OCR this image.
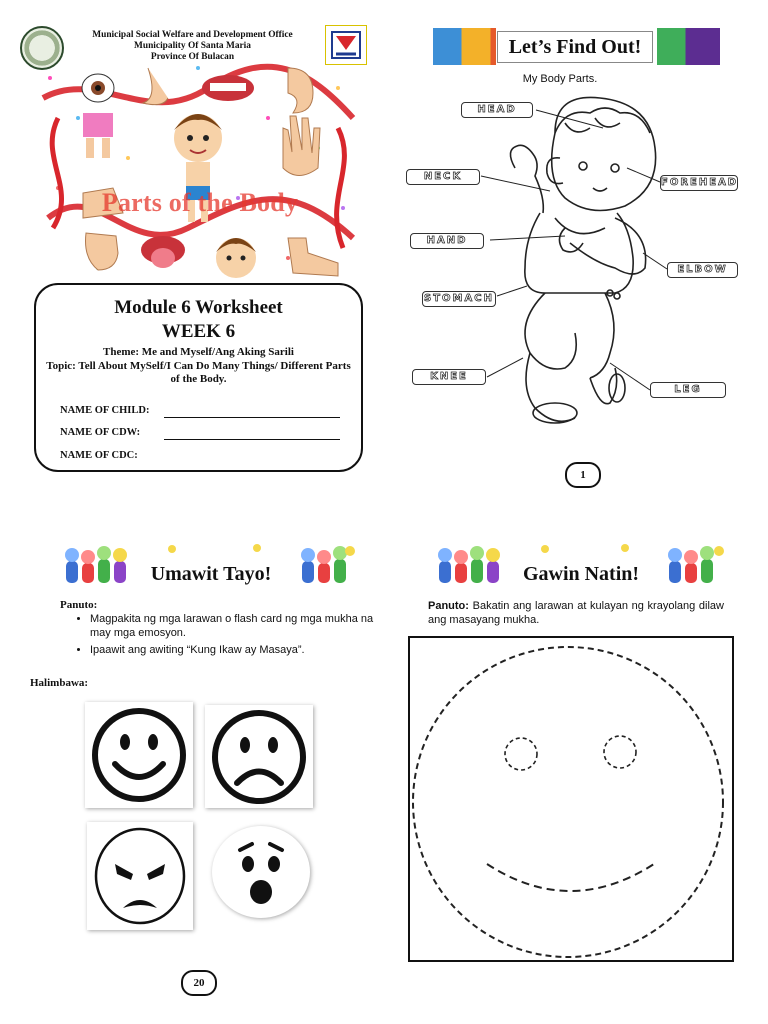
Municipal Social Welfare and Development Office
Municipality Of Santa Maria
Province Of Bulacan
Parts of the Body
Module 6 Worksheet
WEEK 6
Theme: Me and Myself/Ang Aking Sarili
Topic: Tell About MySelf/I Can Do Many Things/ Different Parts of the Body.
NAME OF CHILD:
NAME OF CDW:
NAME OF CDC:
Let’s Find Out!
My Body Parts.
HEAD
NECK
HAND
STOMACH
KNEE
FOREHEAD
ELBOW
LEG
1
Umawit Tayo!
Panuto:
• Magpakita ng mga larawan o flash card ng mga mukha na may mga emosyon.
• Ipaawit ang awiting “Kung Ikaw ay Masaya”.
Halimbawa:
20
Gawin Natin!
Panuto: Bakatin ang larawan at kulayan ng krayolang dilaw ang masayang mukha.
